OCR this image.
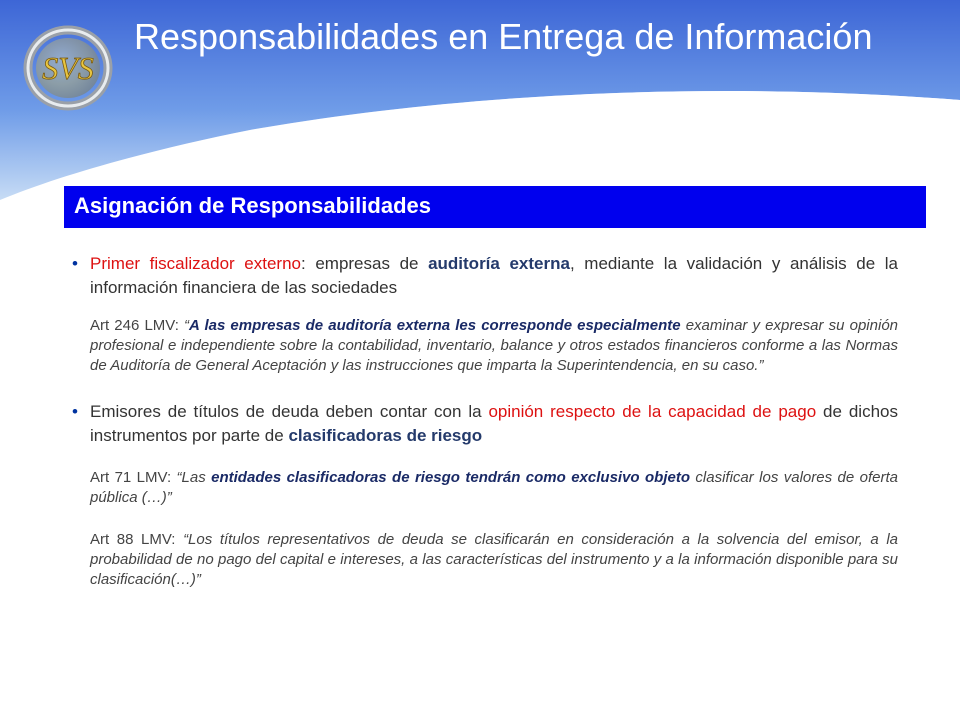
SVS
Responsabilidades en Entrega de Información
Asignación de Responsabilidades
• Primer fiscalizador externo: empresas de auditoría externa, mediante la validación y análisis de la información financiera de las sociedades
Art 246 LMV: “A las empresas de auditoría externa les corresponde especialmente examinar y expresar su opinión profesional e independiente sobre la contabilidad, inventario, balance y otros estados financieros conforme a las Normas de Auditoría de General Aceptación y las instrucciones que imparta la Superintendencia, en su caso.”
• Emisores de títulos de deuda deben contar con la opinión respecto de la capacidad de pago de dichos instrumentos por parte de clasificadoras de riesgo
Art 71 LMV: “Las entidades clasificadoras de riesgo tendrán como exclusivo objeto clasificar los valores de oferta pública (…)”
Art 88 LMV: “Los títulos representativos de deuda se clasificarán en consideración a la solvencia del emisor, a la probabilidad de no pago del capital e intereses, a las características del instrumento y a la información disponible para su clasificación(…)”
